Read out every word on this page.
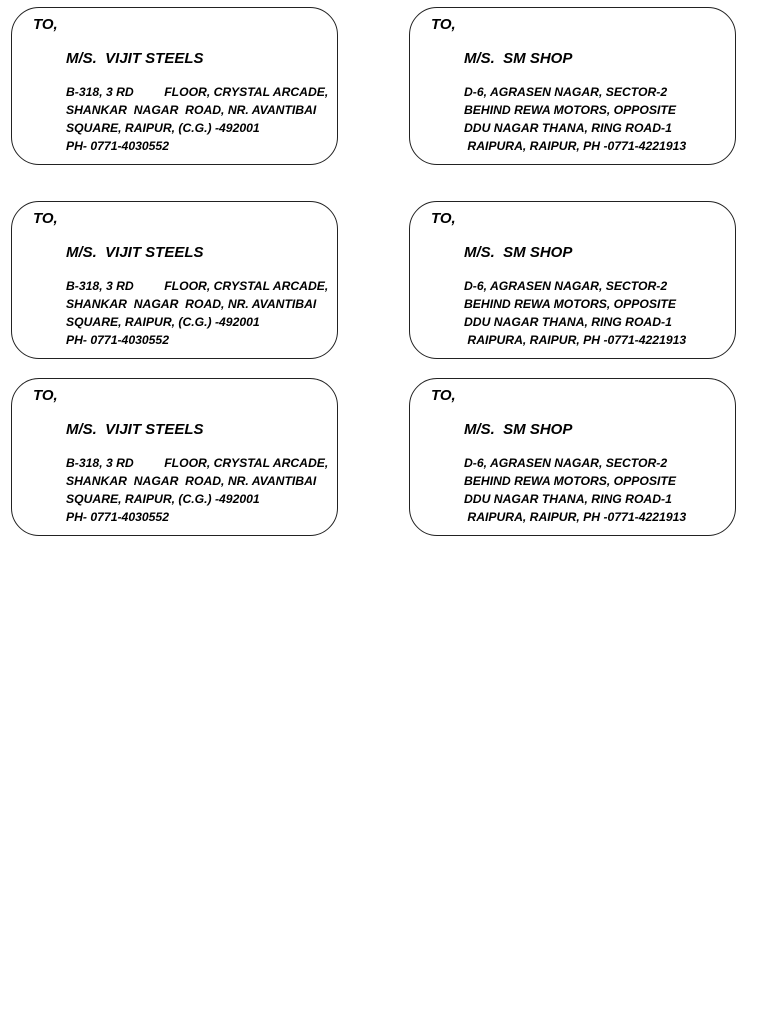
TO,
M/S.  VIJIT STEELS
B-318, 3 RD         FLOOR, CRYSTAL ARCADE,
SHANKAR  NAGAR  ROAD, NR. AVANTIBAI
SQUARE, RAIPUR, (C.G.) -492001
PH- 0771-4030552
TO,
M/S.  SM SHOP
D-6, AGRASEN NAGAR, SECTOR-2
BEHIND REWA MOTORS, OPPOSITE
DDU NAGAR THANA, RING ROAD-1
RAIPURA, RAIPUR, PH -0771-4221913
TO,
M/S.  VIJIT STEELS
B-318, 3 RD         FLOOR, CRYSTAL ARCADE,
SHANKAR  NAGAR  ROAD, NR. AVANTIBAI
SQUARE, RAIPUR, (C.G.) -492001
PH- 0771-4030552
TO,
M/S.  SM SHOP
D-6, AGRASEN NAGAR, SECTOR-2
BEHIND REWA MOTORS, OPPOSITE
DDU NAGAR THANA, RING ROAD-1
RAIPURA, RAIPUR, PH -0771-4221913
TO,
M/S.  VIJIT STEELS
B-318, 3 RD         FLOOR, CRYSTAL ARCADE,
SHANKAR  NAGAR  ROAD, NR. AVANTIBAI
SQUARE, RAIPUR, (C.G.) -492001
PH- 0771-4030552
TO,
M/S.  SM SHOP
D-6, AGRASEN NAGAR, SECTOR-2
BEHIND REWA MOTORS, OPPOSITE
DDU NAGAR THANA, RING ROAD-1
RAIPURA, RAIPUR, PH -0771-4221913
